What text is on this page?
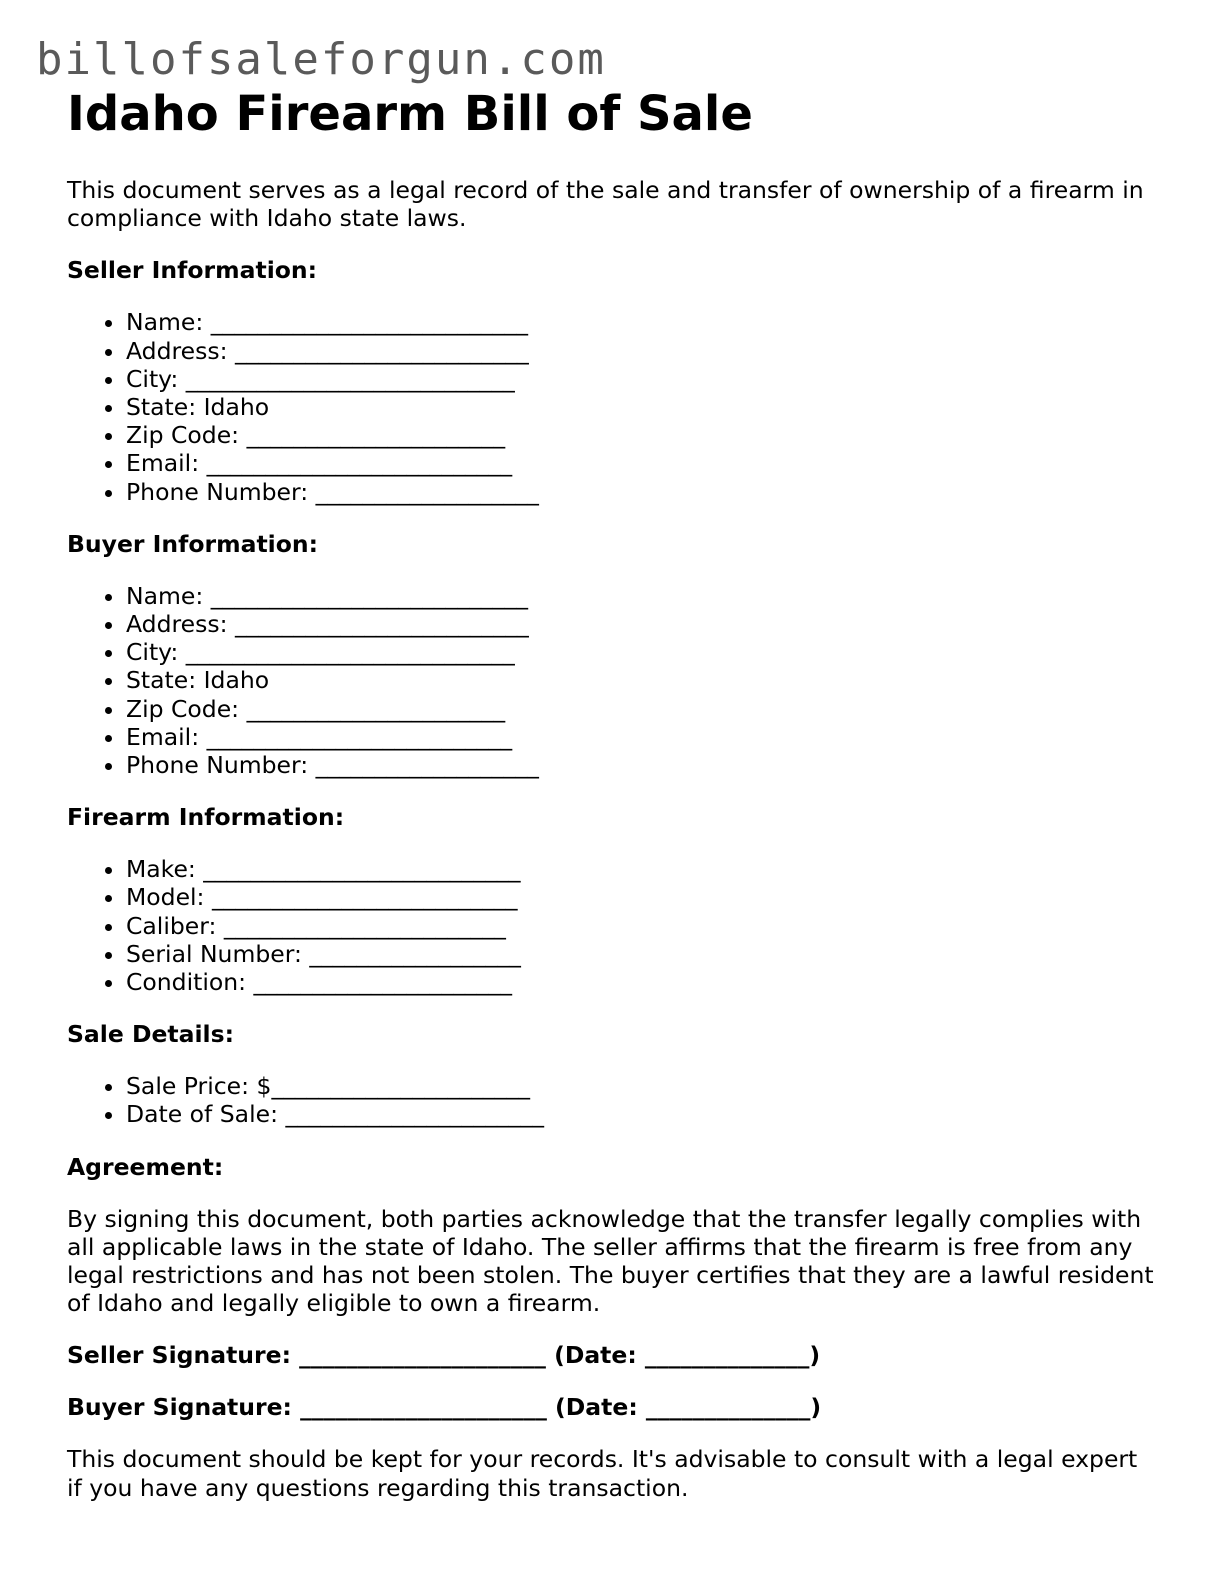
billofsaleforgun.com
Idaho Firearm Bill of Sale

This document serves as a legal record of the sale and transfer of ownership of a firearm in compliance with Idaho state laws.

Seller Information:
• Name: ___________________________
• Address: _________________________
• City: ____________________________
• State: Idaho
• Zip Code: ______________________
• Email: __________________________
• Phone Number: ___________________
Buyer Information:
• Name: ___________________________
• Address: _________________________
• City: ____________________________
• State: Idaho
• Zip Code: ______________________
• Email: __________________________
• Phone Number: ___________________
Firearm Information:
• Make: ___________________________
• Model: __________________________
• Caliber: ________________________
• Serial Number: __________________
• Condition: ______________________
Sale Details:
• Sale Price: $______________________
• Date of Sale: ______________________
Agreement:

By signing this document, both parties acknowledge that the transfer legally complies with all applicable laws in the state of Idaho. The seller affirms that the firearm is free from any legal restrictions and has not been stolen. The buyer certifies that they are a lawful resident of Idaho and legally eligible to own a firearm.

Seller Signature: _____________________ (Date: ______________)
Buyer Signature: _____________________ (Date: ______________)

This document should be kept for your records. It's advisable to consult with a legal expert if you have any questions regarding this transaction.
